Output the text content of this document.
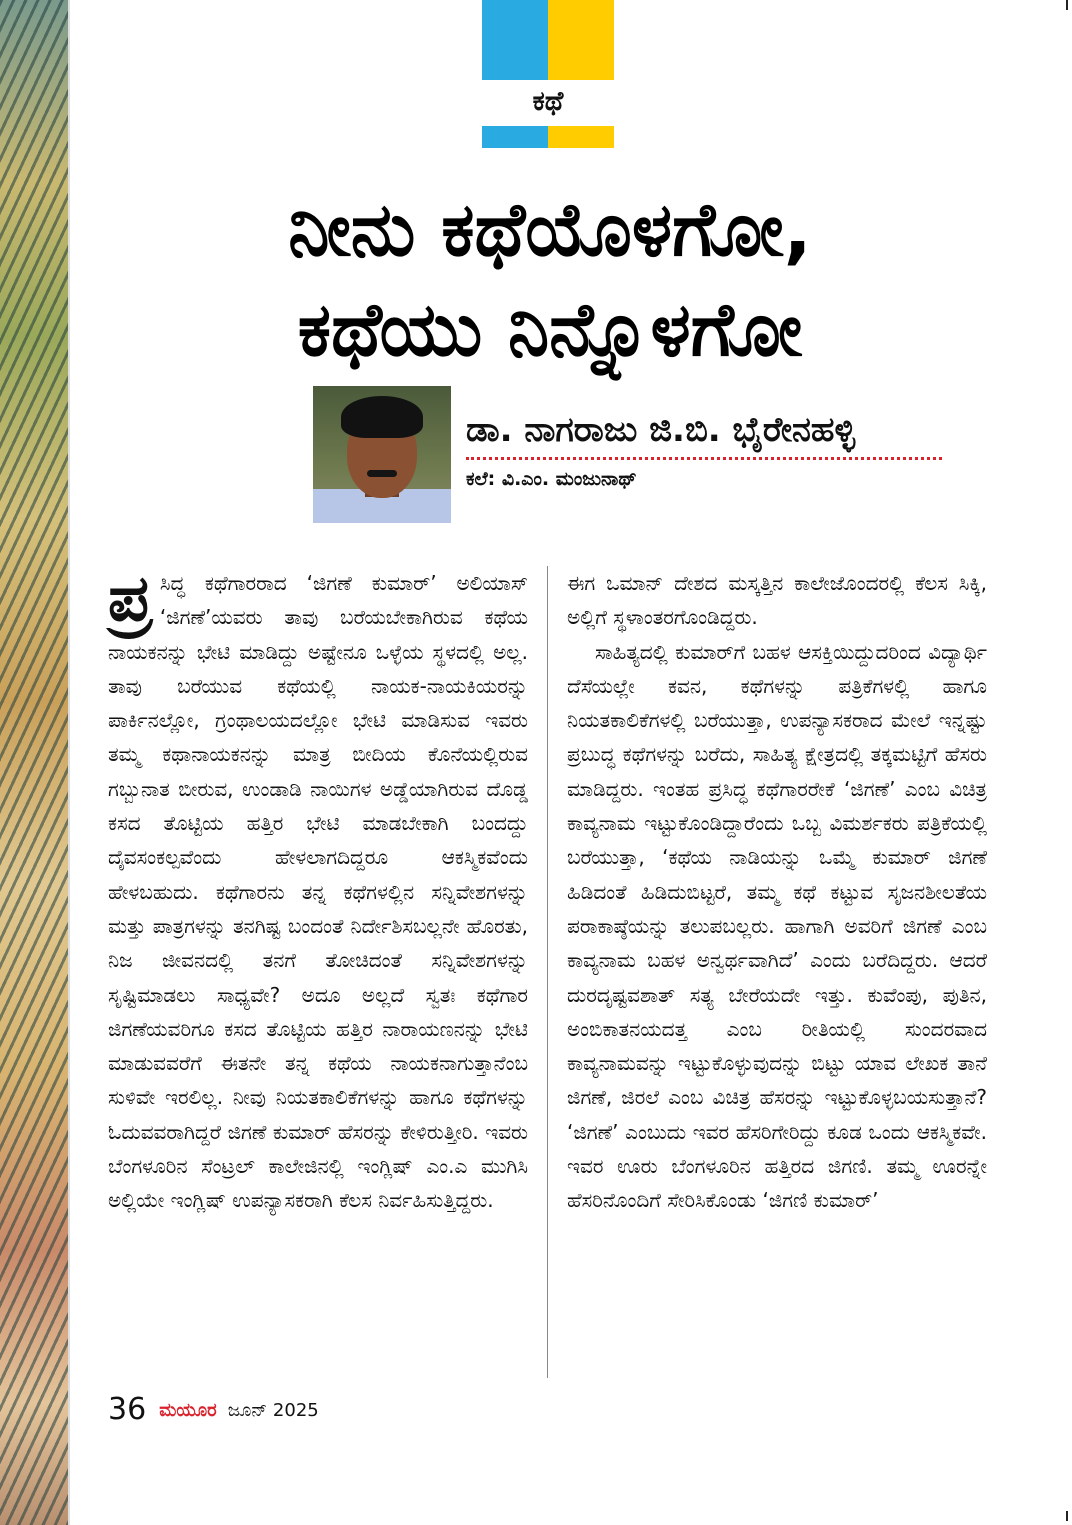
ಕಥೆ
ನೀನು ಕಥೆಯೊಳಗೋ,
ಕಥೆಯು ನಿನ್ನೊಳಗೋ
ಡಾ. ನಾಗರಾಜು ಜಿ.ಬಿ. ಭೈರೇನಹಳ್ಳಿ
ಕಲೆ: ವಿ.ಎಂ. ಮಂಜುನಾಥ್

ಪ್ರ ಸಿದ್ಧ ಕಥೆಗಾರರಾದ ‘ಜಿಗಣೆ ಕುಮಾರ್’ ಅಲಿಯಾಸ್ ‘ಜಿಗಣೆ’ಯವರು ತಾವು ಬರೆಯಬೇಕಾಗಿರುವ ಕಥೆಯ ನಾಯಕನನ್ನು ಭೇಟಿ ಮಾಡಿದ್ದು ಅಷ್ಟೇನೂ ಒಳ್ಳೆಯ ಸ್ಥಳದಲ್ಲಿ ಅಲ್ಲ. ತಾವು ಬರೆಯುವ ಕಥೆಯಲ್ಲಿ ನಾಯಕ-ನಾಯಕಿಯರನ್ನು ಪಾರ್ಕಿನಲ್ಲೋ, ಗ್ರಂಥಾಲಯದಲ್ಲೋ ಭೇಟಿ ಮಾಡಿಸುವ ಇವರು ತಮ್ಮ ಕಥಾನಾಯಕನನ್ನು ಮಾತ್ರ ಬೀದಿಯ ಕೊನೆಯಲ್ಲಿರುವ ಗಬ್ಬುನಾತ ಬೀರುವ, ಉಂಡಾಡಿ ನಾಯಿಗಳ ಅಡ್ಡೆಯಾಗಿರುವ ದೊಡ್ಡ ಕಸದ ತೊಟ್ಟಿಯ ಹತ್ತಿರ ಭೇಟಿ ಮಾಡಬೇಕಾಗಿ ಬಂದದ್ದು ದೈವಸಂಕಲ್ಪವೆಂದು ಹೇಳಲಾಗದಿದ್ದರೂ ಆಕಸ್ಮಿಕವೆಂದು ಹೇಳಬಹುದು. ಕಥೆಗಾರನು ತನ್ನ ಕಥೆಗಳಲ್ಲಿನ ಸನ್ನಿವೇಶಗಳನ್ನು ಮತ್ತು ಪಾತ್ರಗಳನ್ನು ತನಗಿಷ್ಟ ಬಂದಂತೆ ನಿರ್ದೇಶಿಸಬಲ್ಲನೇ ಹೊರತು, ನಿಜ ಜೀವನದಲ್ಲಿ ತನಗೆ ತೋಚಿದಂತೆ ಸನ್ನಿವೇಶಗಳನ್ನು ಸೃಷ್ಟಿಮಾಡಲು ಸಾಧ್ಯವೇ? ಅದೂ ಅಲ್ಲದೆ ಸ್ವತಃ ಕಥೆಗಾರ ಜಿಗಣೆಯವರಿಗೂ ಕಸದ ತೊಟ್ಟಿಯ ಹತ್ತಿರ ನಾರಾಯಣನನ್ನು ಭೇಟಿ ಮಾಡುವವರೆಗೆ ಈತನೇ ತನ್ನ ಕಥೆಯ ನಾಯಕನಾಗುತ್ತಾನೆಂಬ ಸುಳಿವೇ ಇರಲಿಲ್ಲ. ನೀವು ನಿಯತಕಾಲಿಕೆಗಳನ್ನು ಹಾಗೂ ಕಥೆಗಳನ್ನು ಓದುವವರಾಗಿದ್ದರೆ ಜಿಗಣೆ ಕುಮಾರ್ ಹೆಸರನ್ನು ಕೇಳಿರುತ್ತೀರಿ. ಇವರು ಬೆಂಗಳೂರಿನ ಸೆಂಟ್ರಲ್ ಕಾಲೇಜಿನಲ್ಲಿ ಇಂಗ್ಲಿಷ್ ಎಂ.ಎ ಮುಗಿಸಿ ಅಲ್ಲಿಯೇ ಇಂಗ್ಲಿಷ್ ಉಪನ್ಯಾಸಕರಾಗಿ ಕೆಲಸ ನಿರ್ವಹಿಸುತ್ತಿದ್ದರು.

ಈಗ ಒಮಾನ್ ದೇಶದ ಮಸ್ಕತ್ತಿನ ಕಾಲೇಜೊಂದರಲ್ಲಿ ಕೆಲಸ ಸಿಕ್ಕಿ, ಅಲ್ಲಿಗೆ ಸ್ಥಳಾಂತರಗೊಂಡಿದ್ದರು.

ಸಾಹಿತ್ಯದಲ್ಲಿ ಕುಮಾರ್‌ಗೆ ಬಹಳ ಆಸಕ್ತಿಯಿದ್ದುದರಿಂದ ವಿದ್ಯಾರ್ಥಿ ದೆಸೆಯಲ್ಲೇ ಕವನ, ಕಥೆಗಳನ್ನು ಪತ್ರಿಕೆಗಳಲ್ಲಿ ಹಾಗೂ ನಿಯತಕಾಲಿಕೆಗಳಲ್ಲಿ ಬರೆಯುತ್ತಾ, ಉಪನ್ಯಾಸಕರಾದ ಮೇಲೆ ಇನ್ನಷ್ಟು ಪ್ರಬುದ್ಧ ಕಥೆಗಳನ್ನು ಬರೆದು, ಸಾಹಿತ್ಯ ಕ್ಷೇತ್ರದಲ್ಲಿ ತಕ್ಕಮಟ್ಟಿಗೆ ಹೆಸರು ಮಾಡಿದ್ದರು. ಇಂತಹ ಪ್ರಸಿದ್ಧ ಕಥೆಗಾರರೇಕೆ ‘ಜಿಗಣೆ’ ಎಂಬ ವಿಚಿತ್ರ ಕಾವ್ಯನಾಮ ಇಟ್ಟುಕೊಂಡಿದ್ದಾರೆಂದು ಒಬ್ಬ ವಿಮರ್ಶಕರು ಪತ್ರಿಕೆಯಲ್ಲಿ ಬರೆಯುತ್ತಾ, ‘ಕಥೆಯ ನಾಡಿಯನ್ನು ಒಮ್ಮೆ ಕುಮಾರ್ ಜಿಗಣೆ ಹಿಡಿದಂತೆ ಹಿಡಿದುಬಿಟ್ಟರೆ, ತಮ್ಮ ಕಥೆ ಕಟ್ಟುವ ಸೃಜನಶೀಲತೆಯ ಪರಾಕಾಷ್ಠೆಯನ್ನು ತಲುಪಬಲ್ಲರು. ಹಾಗಾಗಿ ಅವರಿಗೆ ಜಿಗಣೆ ಎಂಬ ಕಾವ್ಯನಾಮ ಬಹಳ ಅನ್ವರ್ಥವಾಗಿದೆ’ ಎಂದು ಬರೆದಿದ್ದರು. ಆದರೆ ದುರದೃಷ್ಟವಶಾತ್ ಸತ್ಯ ಬೇರೆಯದೇ ಇತ್ತು. ಕುವೆಂಪು, ಪುತಿನ, ಅಂಬಿಕಾತನಯದತ್ತ ಎಂಬ ರೀತಿಯಲ್ಲಿ ಸುಂದರವಾದ ಕಾವ್ಯನಾಮವನ್ನು ಇಟ್ಟುಕೊಳ್ಳುವುದನ್ನು ಬಿಟ್ಟು ಯಾವ ಲೇಖಕ ತಾನೆ ಜಿಗಣೆ, ಜಿರಲೆ ಎಂಬ ವಿಚಿತ್ರ ಹೆಸರನ್ನು ಇಟ್ಟುಕೊಳ್ಳಬಯಸುತ್ತಾನೆ? ‘ಜಿಗಣೆ’ ಎಂಬುದು ಇವರ ಹೆಸರಿಗೇರಿದ್ದು ಕೂಡ ಒಂದು ಆಕಸ್ಮಿಕವೇ. ಇವರ ಊರು ಬೆಂಗಳೂರಿನ ಹತ್ತಿರದ ಜಿಗಣಿ. ತಮ್ಮ ಊರನ್ನೇ ಹೆಸರಿನೊಂದಿಗೆ ಸೇರಿಸಿಕೊಂಡು ‘ಜಿಗಣಿ ಕುಮಾರ್’

36 ಮಯೂರ ಜೂನ್ 2025
